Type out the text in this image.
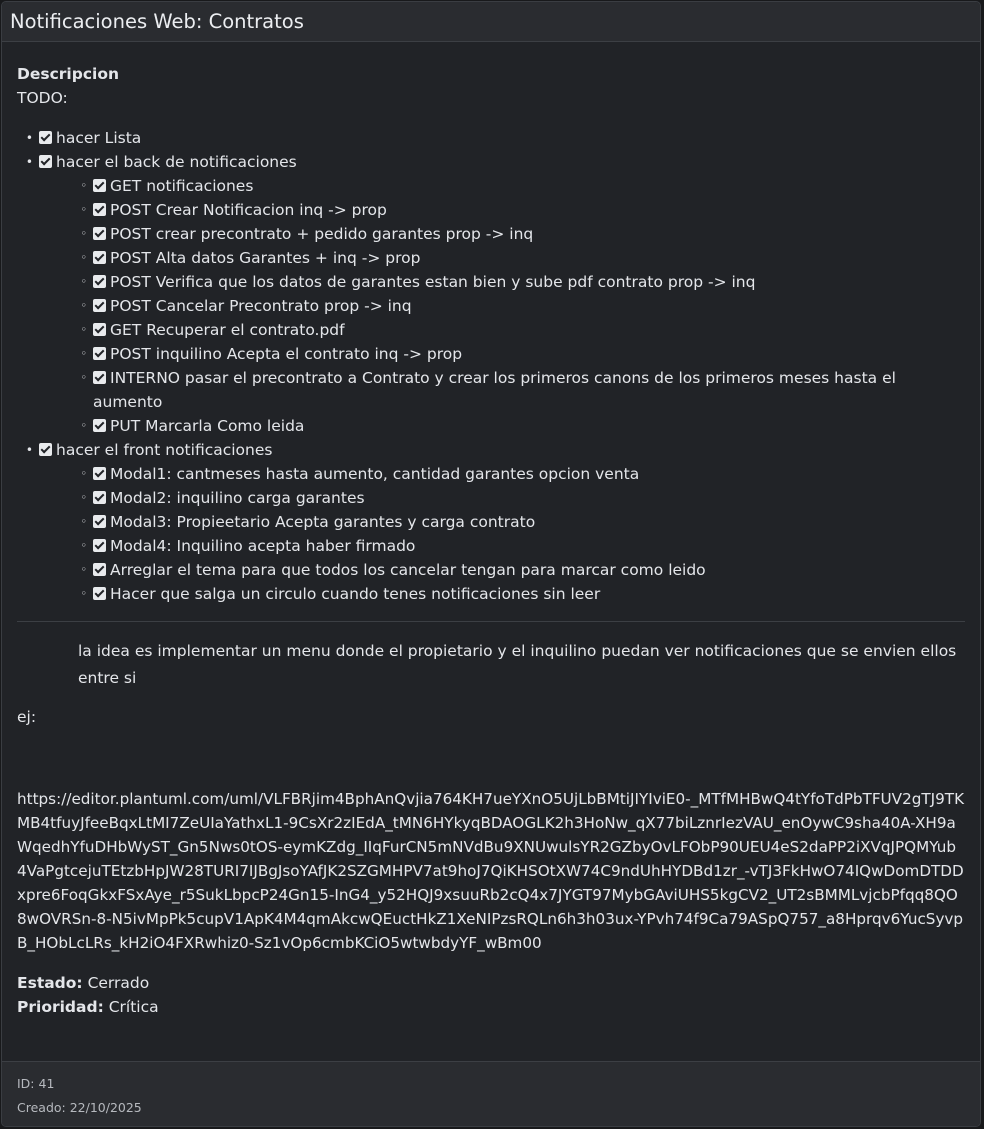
Notificaciones Web: Contratos
Descripcion
TODO:
• hacer Lista
• hacer el back de notificaciones
◦ GET notificaciones
◦ POST Crear Notificacion inq -> prop
◦ POST crear precontrato + pedido garantes prop -> inq
◦ POST Alta datos Garantes + inq -> prop
◦ POST Verifica que los datos de garantes estan bien y sube pdf contrato prop -> inq
◦ POST Cancelar Precontrato prop -> inq
◦ GET Recuperar el contrato.pdf
◦ POST inquilino Acepta el contrato inq -> prop
◦ INTERNO pasar el precontrato a Contrato y crear los primeros canons de los primeros meses hasta el aumento
◦ PUT Marcarla Como leida
• hacer el front notificaciones
◦ Modal1: cantmeses hasta aumento, cantidad garantes opcion venta
◦ Modal2: inquilino carga garantes
◦ Modal3: Propieetario Acepta garantes y carga contrato
◦ Modal4: Inquilino acepta haber firmado
◦ Arreglar el tema para que todos los cancelar tengan para marcar como leido
◦ Hacer que salga un circulo cuando tenes notificaciones sin leer

la idea es implementar un menu donde el propietario y el inquilino puedan ver notificaciones que se envien ellos entre si

ej:

https://editor.plantuml.com/uml/VLFBRjim4BphAnQvjia764KH7ueYXnO5UjLbBMtiJIYIviE0-_MTfMHBwQ4tYfoTdPbTFUV2gTJ9TKMB4tfuyJfeeBqxLtMI7ZeUIaYathxL1-9CsXr2zIEdA_tMN6HYkyqBDAOGLK2h3HoNw_qX77biLznrIezVAU_enOywC9sha40A-XH9aWqedhYfuDHbWyST_Gn5Nws0tOS-eymKZdg_IIqFurCN5mNVdBu9XNUwulsYR2GZbyOvLFObP90UEU4eS2daPP2iXVqJPQMYub4VaPgtcejuTEtzbHpJW28TURI7IJBgJsoYAfJK2SZGMHPV7at9hoJ7QiKHSOtXW74C9ndUhHYDBd1zr_-vTJ3FkHwO74IQwDomDTDDxpre6FoqGkxFSxAye_r5SukLbpcP24Gn15-InG4_y52HQJ9xsuuRb2cQ4x7JYGT97MybGAviUHS5kgCV2_UT2sBMMLvjcbPfqq8QO8wOVRSn-8-N5ivMpPk5cupV1ApK4M4qmAkcwQEuctHkZ1XeNIPzsRQLn6h3h03ux-YPvh74f9Ca79ASpQ757_a8Hprqv6YucSyvpB_HObLcLRs_kH2iO4FXRwhiz0-Sz1vOp6cmbKCiO5wtwbdyYF_wBm00
Estado: Cerrado
Prioridad: Crítica
ID: 41
Creado: 22/10/2025
